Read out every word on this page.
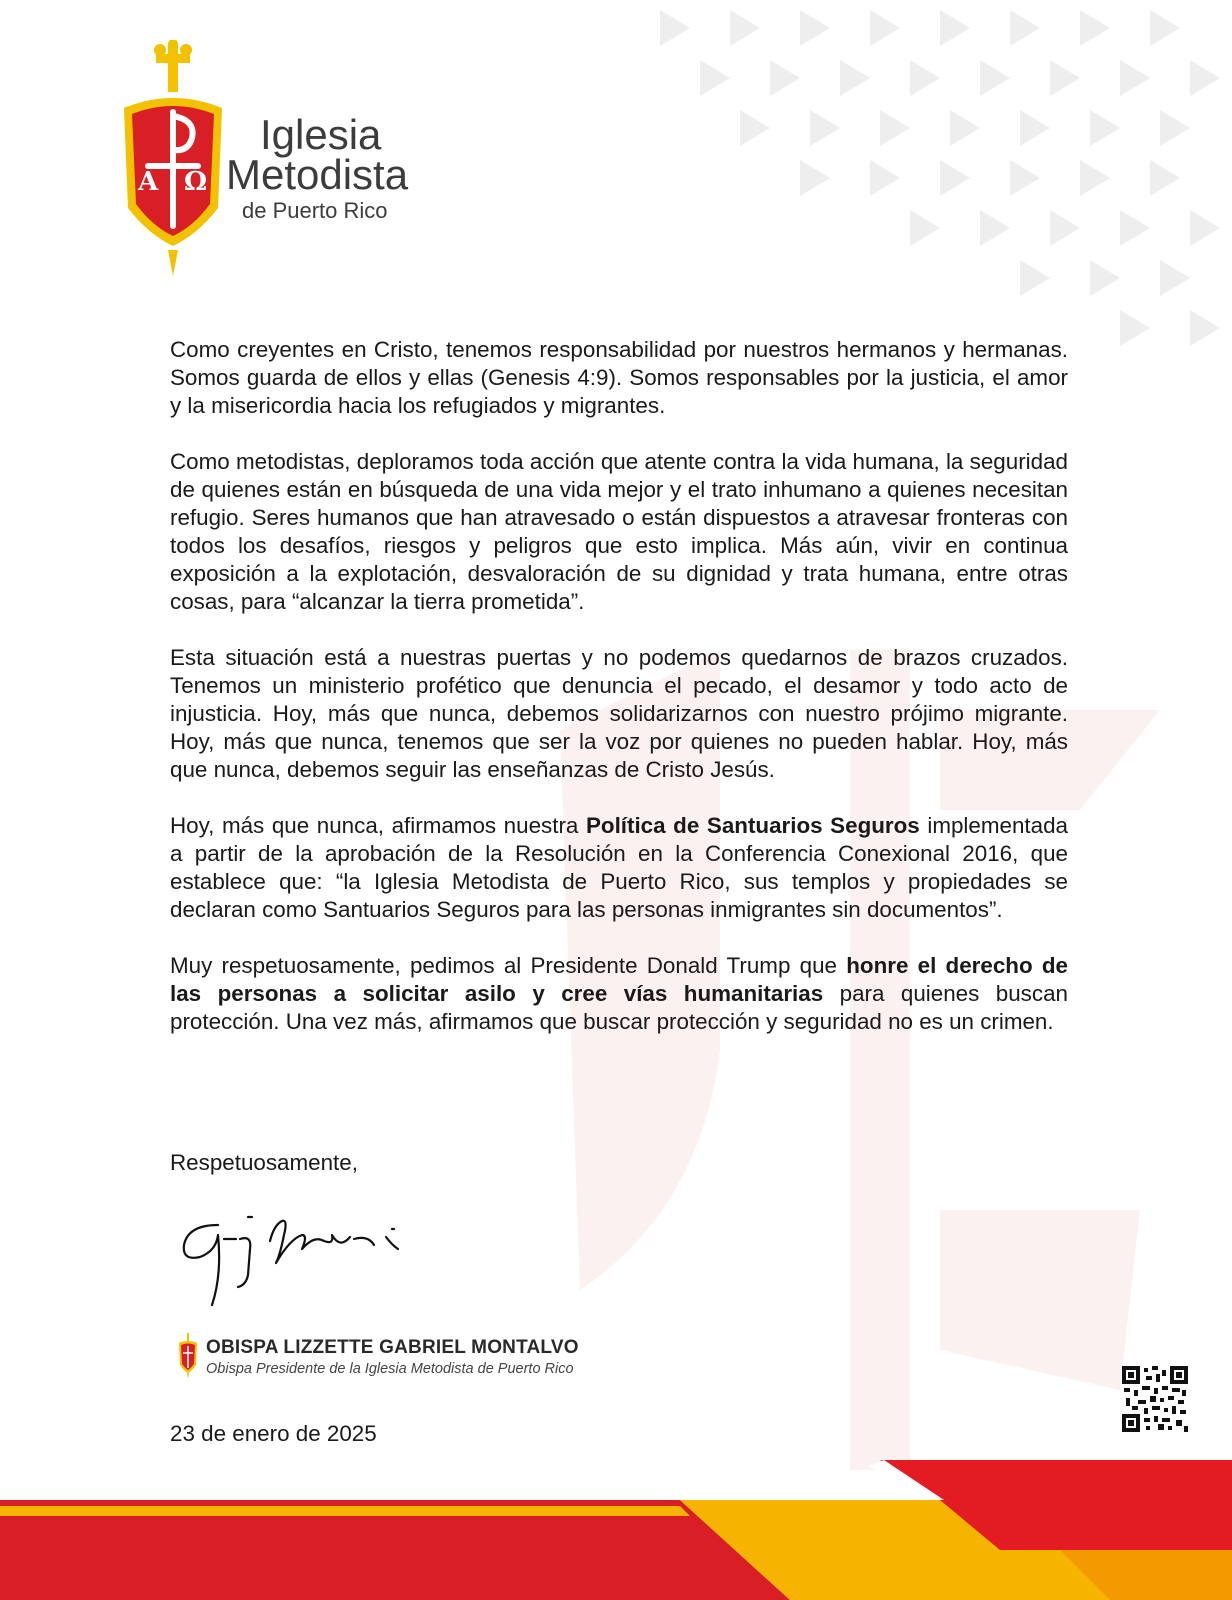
A Ω
Iglesia
Metodista
de Puerto Rico

Como creyentes en Cristo, tenemos responsabilidad por nuestros hermanos y hermanas. Somos guarda de ellos y ellas (Genesis 4:9). Somos responsables por la justicia, el amor y la misericordia hacia los refugiados y migrantes.

Como metodistas, deploramos toda acción que atente contra la vida humana, la seguridad de quienes están en búsqueda de una vida mejor y el trato inhumano a quienes necesitan refugio. Seres humanos que han atravesado o están dispuestos a atravesar fronteras con todos los desafíos, riesgos y peligros que esto implica. Más aún, vivir en continua exposición a la explotación, desvaloración de su dignidad y trata humana, entre otras cosas, para “alcanzar la tierra prometida”.

Esta situación está a nuestras puertas y no podemos quedarnos de brazos cruzados. Tenemos un ministerio profético que denuncia el pecado, el desamor y todo acto de injusticia. Hoy, más que nunca, debemos solidarizarnos con nuestro prójimo migrante. Hoy, más que nunca, tenemos que ser la voz por quienes no pueden hablar. Hoy, más que nunca, debemos seguir las enseñanzas de Cristo Jesús.

Hoy, más que nunca, afirmamos nuestra Política de Santuarios Seguros implementada a partir de la aprobación de la Resolución en la Conferencia Conexional 2016, que establece que: “la Iglesia Metodista de Puerto Rico, sus templos y propiedades se declaran como Santuarios Seguros para las personas inmigrantes sin documentos”.

Muy respetuosamente, pedimos al Presidente Donald Trump que honre el derecho de las personas a solicitar asilo y cree vías humanitarias para quienes buscan protección. Una vez más, afirmamos que buscar protección y seguridad no es un crimen.

Respetuosamente,
OBISPA LIZZETTE GABRIEL MONTALVO
Obispa Presidente de la Iglesia Metodista de Puerto Rico
23 de enero de 2025
